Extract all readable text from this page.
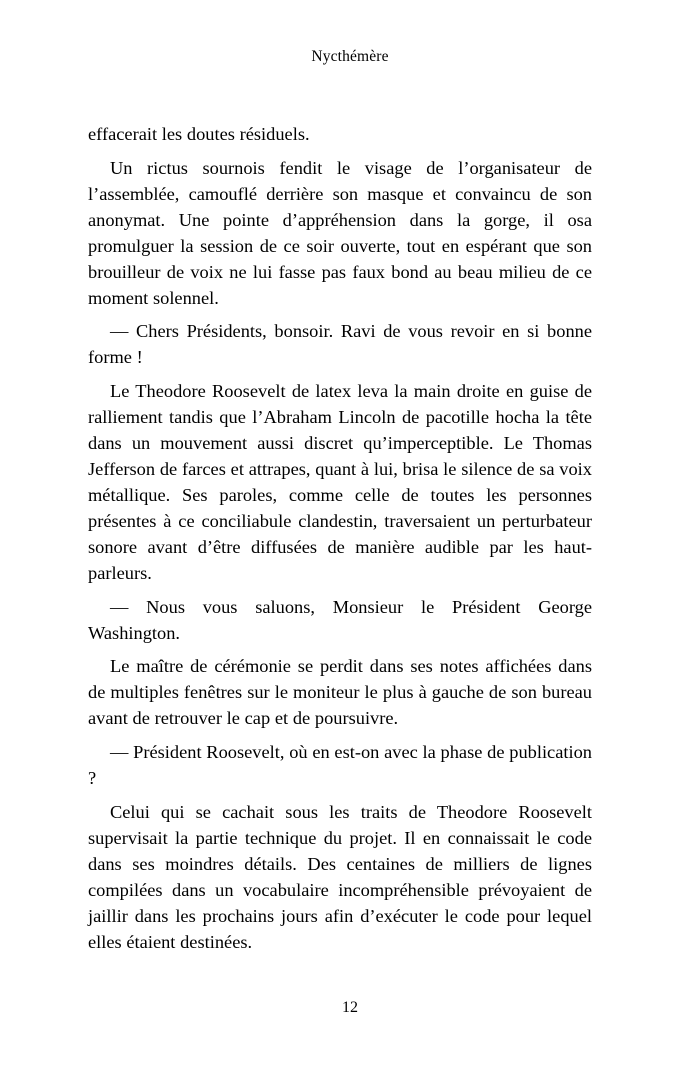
Nycthémère

effacerait les doutes résiduels.

Un rictus sournois fendit le visage de l’organisateur de l’assemblée, camouflé derrière son masque et convaincu de son anonymat. Une pointe d’appréhension dans la gorge, il osa promulguer la session de ce soir ouverte, tout en espérant que son brouilleur de voix ne lui fasse pas faux bond au beau milieu de ce moment solennel.

— Chers Présidents, bonsoir. Ravi de vous revoir en si bonne forme !

Le Theodore Roosevelt de latex leva la main droite en guise de ralliement tandis que l’Abraham Lincoln de pacotille hocha la tête dans un mouvement aussi discret qu’imperceptible. Le Thomas Jefferson de farces et attrapes, quant à lui, brisa le silence de sa voix métallique. Ses paroles, comme celle de toutes les personnes présentes à ce conciliabule clandestin, traversaient un perturbateur sonore avant d’être diffusées de manière audible par les haut-parleurs.

— Nous vous saluons, Monsieur le Président George Washington.

Le maître de cérémonie se perdit dans ses notes affichées dans de multiples fenêtres sur le moniteur le plus à gauche de son bureau avant de retrouver le cap et de poursuivre.

— Président Roosevelt, où en est-on avec la phase de publication ?

Celui qui se cachait sous les traits de Theodore Roosevelt supervisait la partie technique du projet. Il en connaissait le code dans ses moindres détails. Des centaines de milliers de lignes compilées dans un vocabulaire incompréhensible prévoyaient de jaillir dans les prochains jours afin d’exécuter le code pour lequel elles étaient destinées.

12
